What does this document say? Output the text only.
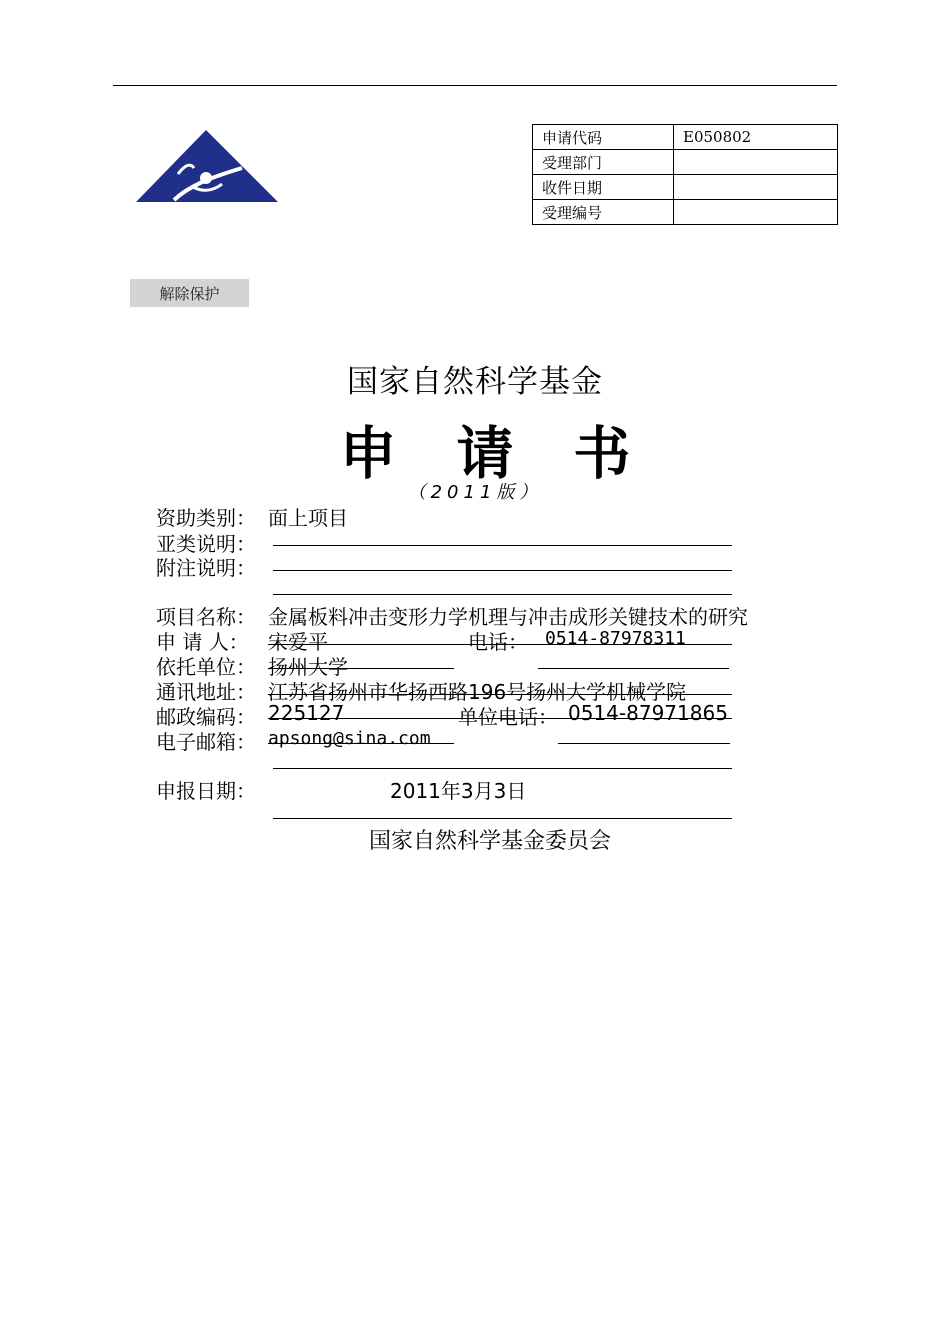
申请代码	E050802
受理部门	
收件日期	
受理编号	
解除保护
国家自然科学基金
申 请 书
（2011版）
资助类别： 面上项目
亚类说明：
附注说明：
项目名称： 金属板料冲击变形力学机理与冲击成形关键技术的研究
申 请 人： 宋爱平	电话： 0514-87978311
依托单位： 扬州大学
通讯地址： 江苏省扬州市华扬西路196号扬州大学机械学院
邮政编码： 225127	单位电话： 0514-87971865
电子邮箱： apsong@sina.com
申报日期：	2011年3月3日
国家自然科学基金委员会
